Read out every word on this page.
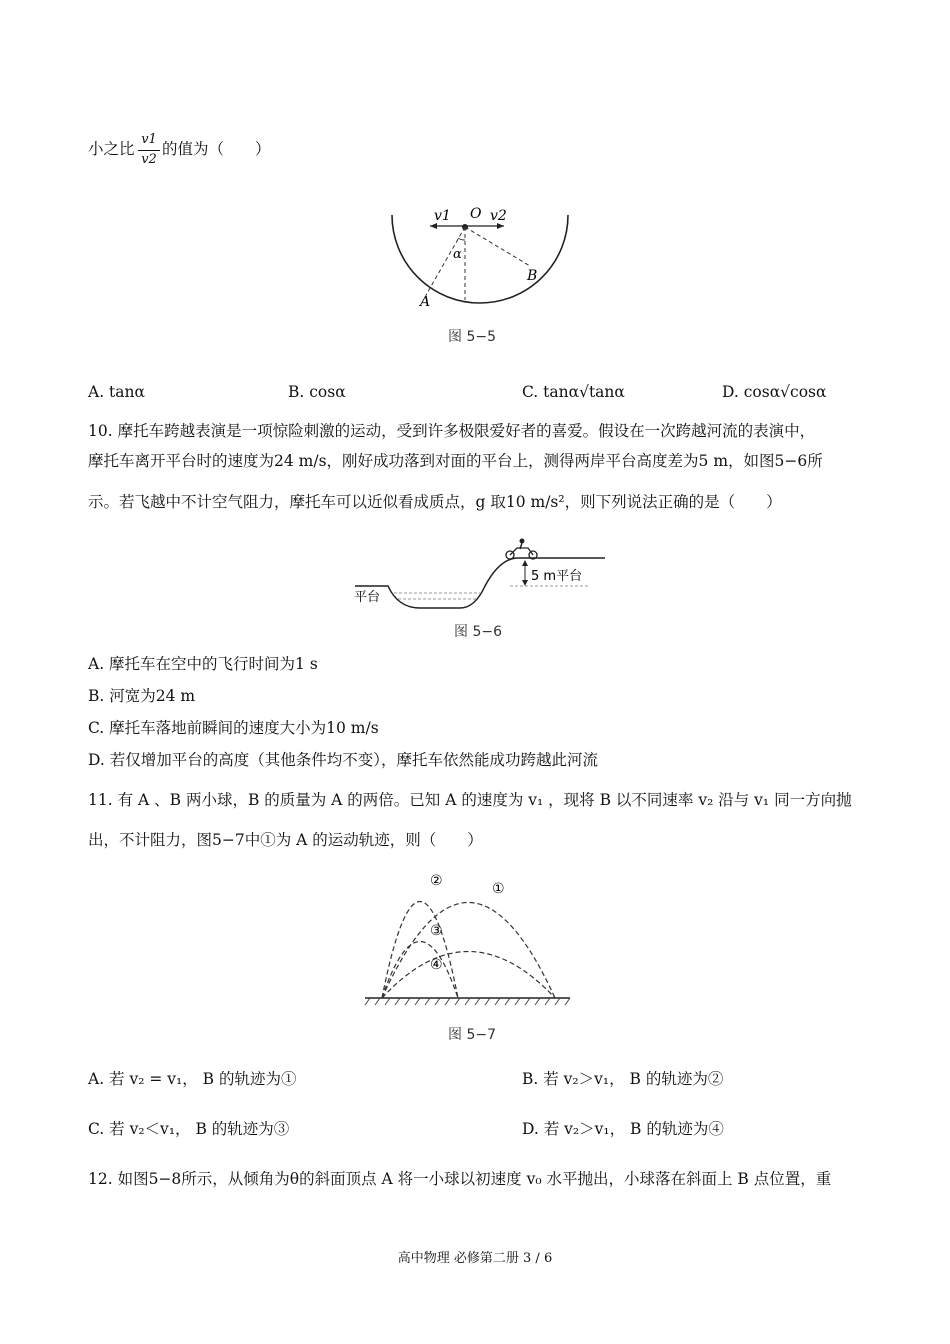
小之比
v1
v2
的值为（　　）
v1 O v2
α
A
B
图 5−5
A. tanα	B. cosα	C. tanα√tanα	D. cosα√cosα
10. 摩托车跨越表演是一项惊险刺激的运动，受到许多极限爱好者的喜爱。假设在一次跨越河流的表演中，
摩托车离开平台时的速度为24 m/s，刚好成功落到对面的平台上，测得两岸平台高度差为5 m，如图5−6所
示。若飞越中不计空气阻力，摩托车可以近似看成质点，g 取10 m/s²，则下列说法正确的是（　　）
平台
5 m平台
图 5−6
A. 摩托车在空中的飞行时间为1 s
B. 河宽为24 m
C. 摩托车落地前瞬间的速度大小为10 m/s
D. 若仅增加平台的高度（其他条件均不变），摩托车依然能成功跨越此河流
11. 有 A 、B 两小球，B 的质量为 A 的两倍。已知 A 的速度为 v₁ ，现将 B 以不同速率 v₂ 沿与 v₁ 同一方向抛
出，不计阻力，图5−7中①为 A 的运动轨迹，则（　　）
①
②
③
④
图 5−7
A. 若 v₂ = v₁， B 的轨迹为①	B. 若 v₂＞v₁， B 的轨迹为②
C. 若 v₂＜v₁， B 的轨迹为③	D. 若 v₂＞v₁， B 的轨迹为④
12. 如图5−8所示，从倾角为θ的斜面顶点 A 将一小球以初速度 v₀ 水平抛出，小球落在斜面上 B 点位置，重
高中物理 必修第二册 3 / 6
